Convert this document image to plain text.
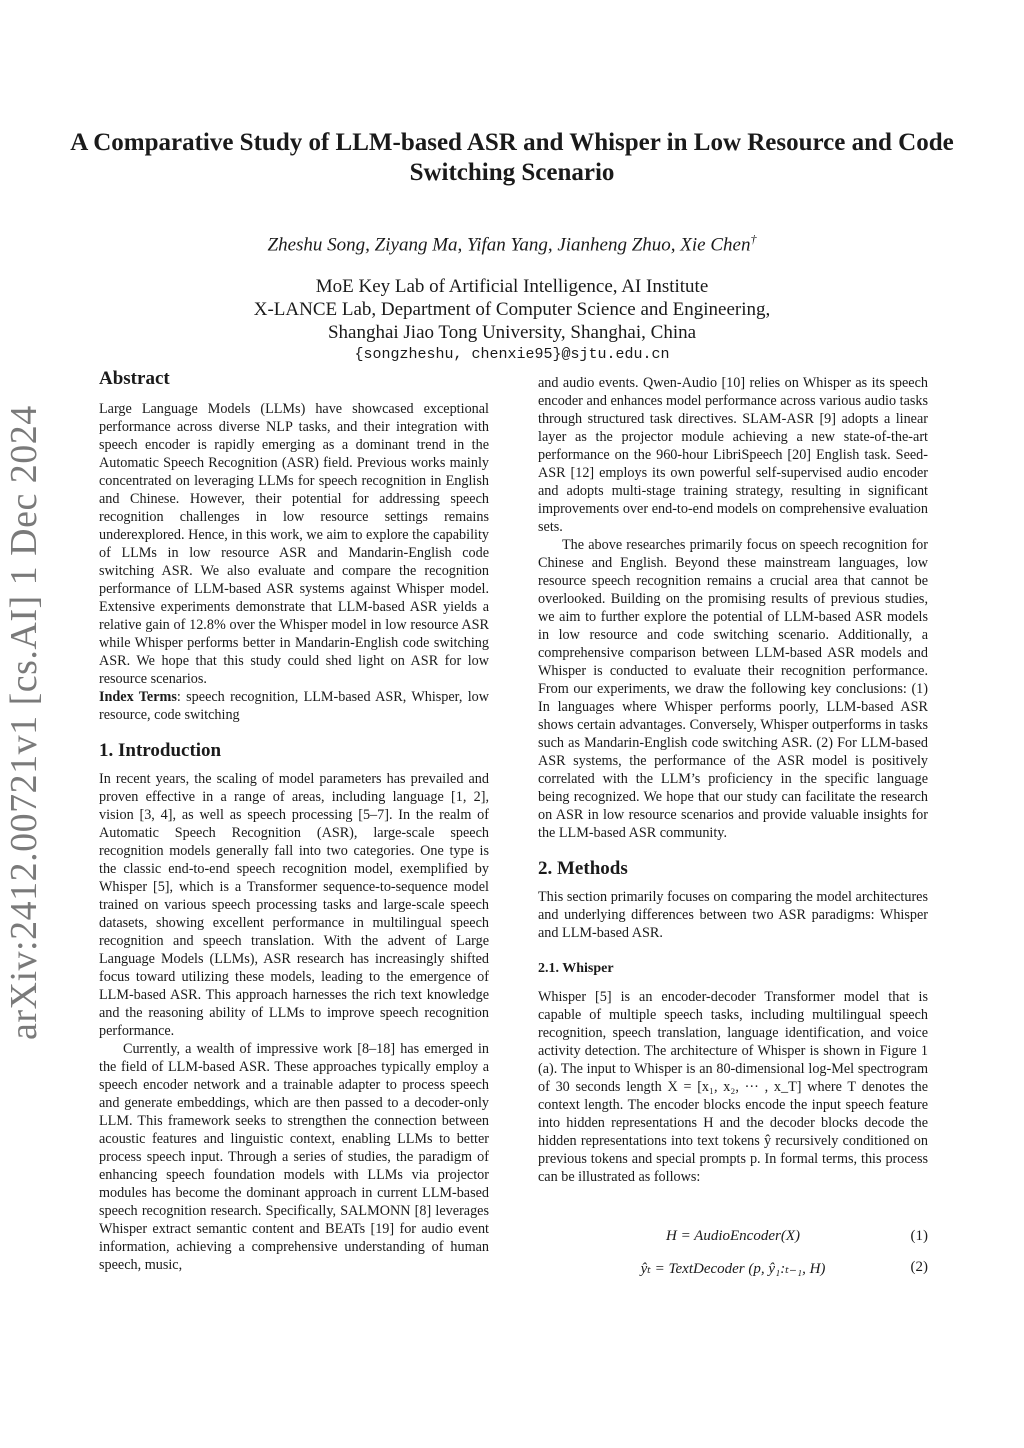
arXiv:2412.00721v1 [cs.AI] 1 Dec 2024
A Comparative Study of LLM-based ASR and Whisper in Low Resource and Code Switching Scenario
Zheshu Song, Ziyang Ma, Yifan Yang, Jianheng Zhuo, Xie Chen†
MoE Key Lab of Artificial Intelligence, AI Institute
X-LANCE Lab, Department of Computer Science and Engineering,
Shanghai Jiao Tong University, Shanghai, China
{songzheshu, chenxie95}@sjtu.edu.cn

Abstract

Large Language Models (LLMs) have showcased exceptional performance across diverse NLP tasks, and their integration with speech encoder is rapidly emerging as a dominant trend in the Automatic Speech Recognition (ASR) field. Previous works mainly concentrated on leveraging LLMs for speech recognition in English and Chinese. However, their potential for addressing speech recognition challenges in low resource settings remains underexplored. Hence, in this work, we aim to explore the capability of LLMs in low resource ASR and Mandarin-English code switching ASR. We also evaluate and compare the recognition performance of LLM-based ASR systems against Whisper model. Extensive experiments demonstrate that LLM-based ASR yields a relative gain of 12.8% over the Whisper model in low resource ASR while Whisper performs better in Mandarin-English code switching ASR. We hope that this study could shed light on ASR for low resource scenarios.

Index Terms: speech recognition, LLM-based ASR, Whisper, low resource, code switching

1. Introduction

In recent years, the scaling of model parameters has prevailed and proven effective in a range of areas, including language [1, 2], vision [3, 4], as well as speech processing [5–7]. In the realm of Automatic Speech Recognition (ASR), large-scale speech recognition models generally fall into two categories. One type is the classic end-to-end speech recognition model, exemplified by Whisper [5], which is a Transformer sequence-to-sequence model trained on various speech processing tasks and large-scale speech datasets, showing excellent performance in multilingual speech recognition and speech translation. With the advent of Large Language Models (LLMs), ASR research has increasingly shifted focus toward utilizing these models, leading to the emergence of LLM-based ASR. This approach harnesses the rich text knowledge and the reasoning ability of LLMs to improve speech recognition performance.

Currently, a wealth of impressive work [8–18] has emerged in the field of LLM-based ASR. These approaches typically employ a speech encoder network and a trainable adapter to process speech and generate embeddings, which are then passed to a decoder-only LLM. This framework seeks to strengthen the connection between acoustic features and linguistic context, enabling LLMs to better process speech input. Through a series of studies, the paradigm of enhancing speech foundation models with LLMs via projector modules has become the dominant approach in current LLM-based speech recognition research. Specifically, SALMONN [8] leverages Whisper extract semantic content and BEATs [19] for audio event information, achieving a comprehensive understanding of human speech, music,

and audio events. Qwen-Audio [10] relies on Whisper as its speech encoder and enhances model performance across various audio tasks through structured task directives. SLAM-ASR [9] adopts a linear layer as the projector module achieving a new state-of-the-art performance on the 960-hour LibriSpeech [20] English task. Seed-ASR [12] employs its own powerful self-supervised audio encoder and adopts multi-stage training strategy, resulting in significant improvements over end-to-end models on comprehensive evaluation sets.

The above researches primarily focus on speech recognition for Chinese and English. Beyond these mainstream languages, low resource speech recognition remains a crucial area that cannot be overlooked. Building on the promising results of previous studies, we aim to further explore the potential of LLM-based ASR models in low resource and code switching scenario. Additionally, a comprehensive comparison between LLM-based ASR models and Whisper is conducted to evaluate their recognition performance. From our experiments, we draw the following key conclusions: (1) In languages where Whisper performs poorly, LLM-based ASR shows certain advantages. Conversely, Whisper outperforms in tasks such as Mandarin-English code switching ASR. (2) For LLM-based ASR systems, the performance of the ASR model is positively correlated with the LLM’s proficiency in the specific language being recognized. We hope that our study can facilitate the research on ASR in low resource scenarios and provide valuable insights for the LLM-based ASR community.

2. Methods

This section primarily focuses on comparing the model architectures and underlying differences between two ASR paradigms: Whisper and LLM-based ASR.

2.1. Whisper

Whisper [5] is an encoder-decoder Transformer model that is capable of multiple speech tasks, including multilingual speech recognition, speech translation, language identification, and voice activity detection. The architecture of Whisper is shown in Figure 1 (a). The input to Whisper is an 80-dimensional log-Mel spectrogram of 30 seconds length X = [x₁, x₂, ··· , x_T] where T denotes the context length. The encoder blocks encode the input speech feature into hidden representations H and the decoder blocks decode the hidden representations into text tokens ŷ recursively conditioned on previous tokens and special prompts p. In formal terms, this process can be illustrated as follows:

H = AudioEncoder(X)	(1)
ŷₜ = TextDecoder (p, ŷ₁:ₜ₋₁, H)	(2)
